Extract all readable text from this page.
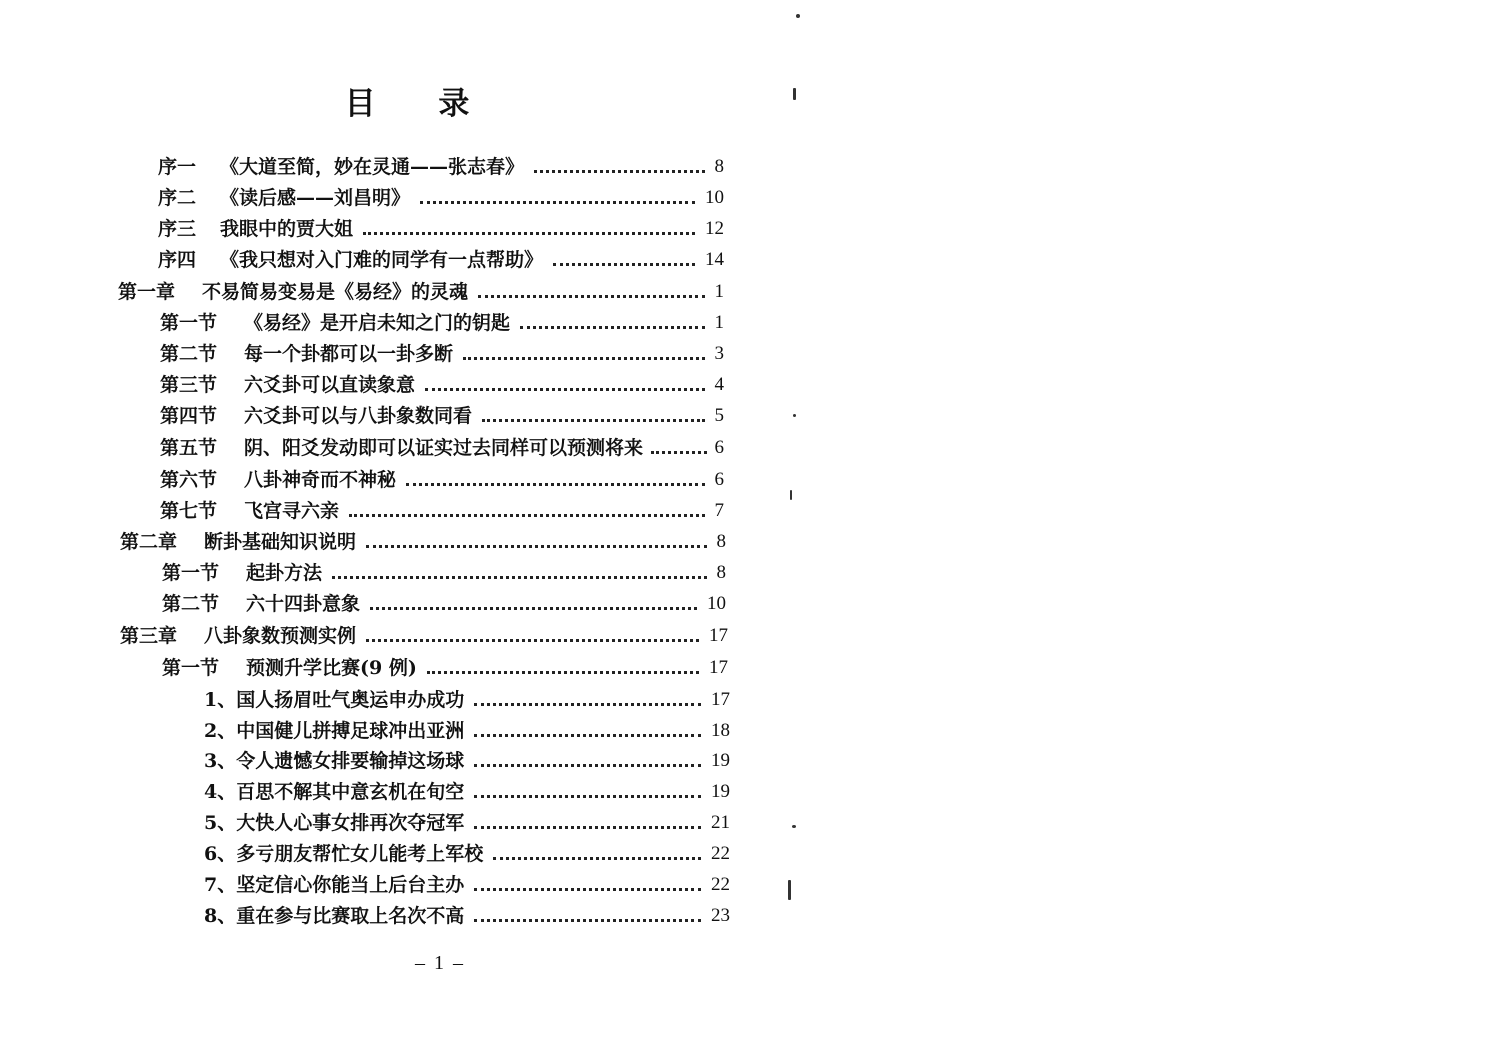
目 录
序一	《大道至简，妙在灵通——张志春》	8
序二	《读后感——刘昌明》	10
序三	我眼中的贾大姐	12
序四	《我只想对入门难的同学有一点帮助》	14
第一章	不易简易变易是《易经》的灵魂	1
第一节	《易经》是开启未知之门的钥匙	1
第二节	每一个卦都可以一卦多断	3
第三节	六爻卦可以直读象意	4
第四节	六爻卦可以与八卦象数同看	5
第五节	阴、阳爻发动即可以证实过去同样可以预测将来	6
第六节	八卦神奇而不神秘	6
第七节	飞宫寻六亲	7
第二章	断卦基础知识说明	8
第一节	起卦方法	8
第二节	六十四卦意象	10
第三章	八卦象数预测实例	17
第一节	预测升学比赛(9 例)	17
1、国人扬眉吐气奥运申办成功	17
2、中国健儿拼搏足球冲出亚洲	18
3、令人遗憾女排要输掉这场球	19
4、百思不解其中意玄机在旬空	19
5、大快人心事女排再次夺冠军	21
6、多亏朋友帮忙女儿能考上军校	22
7、坚定信心你能当上后台主办	22
8、重在参与比赛取上名次不高	23
– 1 –
